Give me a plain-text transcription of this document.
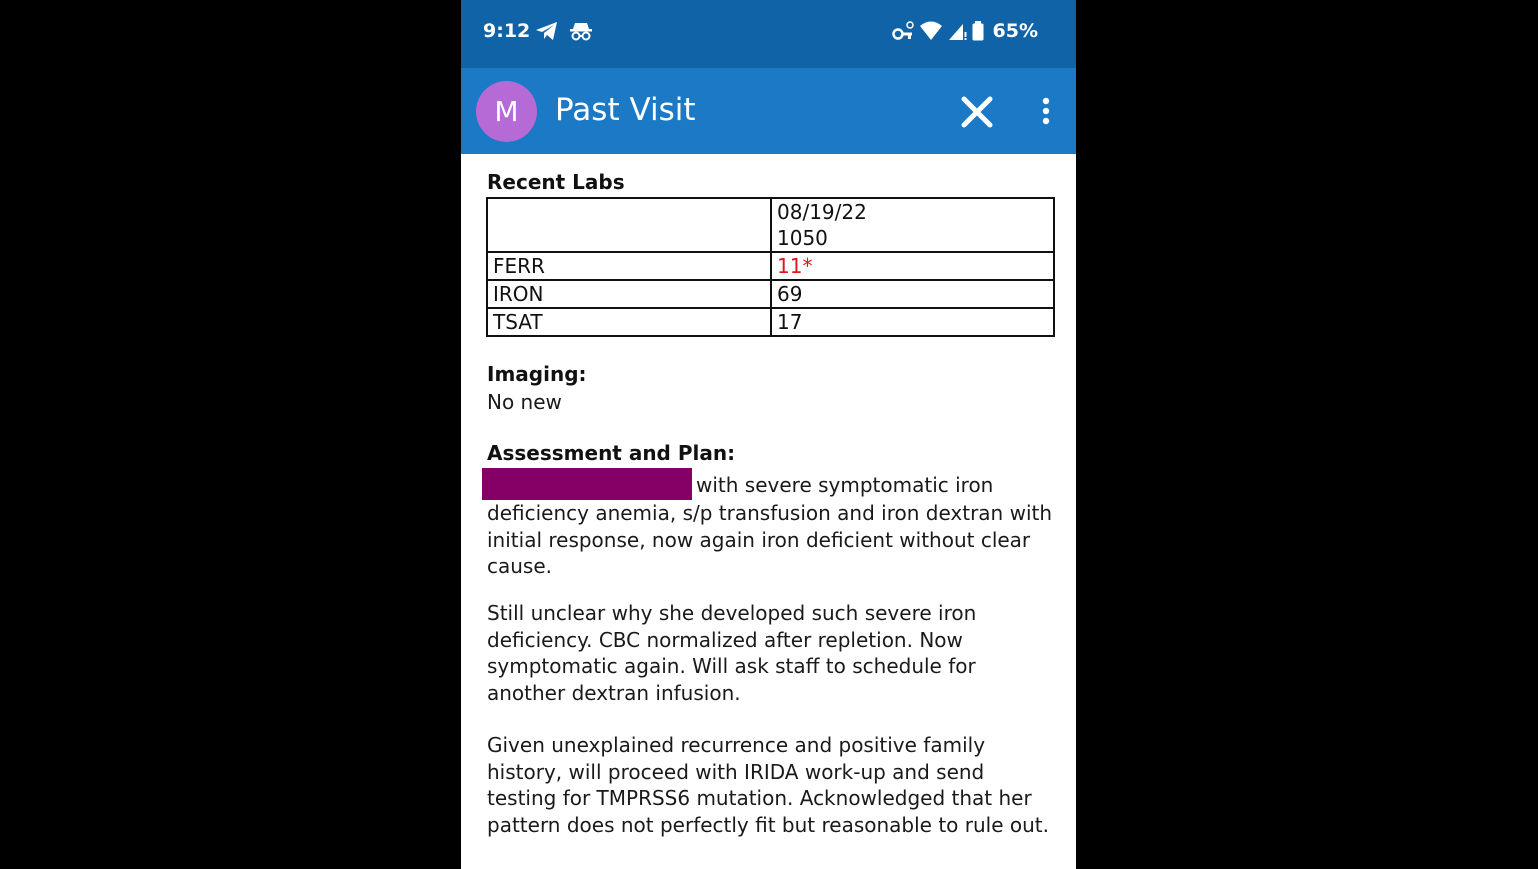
9:12	65%
M	Past Visit
Recent Labs

	08/19/22
1050

FERR	11*
IRON	69
TSAT	17
Imaging:

No new

Assessment and Plan:

with severe symptomatic iron deficiency anemia, s/p transfusion and iron dextran with initial response, now again iron deficient without clear cause.

Still unclear why she developed such severe iron deficiency. CBC normalized after repletion. Now symptomatic again. Will ask staff to schedule for another dextran infusion.

Given unexplained recurrence and positive family history, will proceed with IRIDA work-up and send testing for TMPRSS6 mutation. Acknowledged that her pattern does not perfectly fit but reasonable to rule out.
